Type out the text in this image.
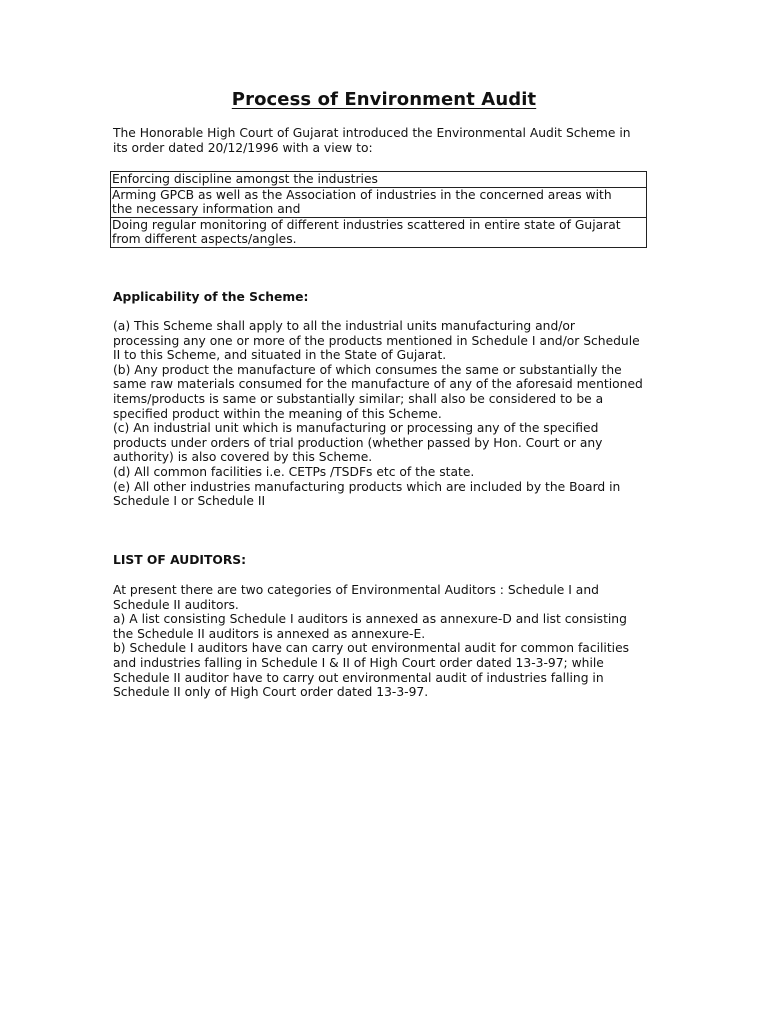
Process of Environment Audit
The Honorable High Court of Gujarat introduced the Environmental Audit Scheme in
its order dated 20/12/1996 with a view to:
Enforcing discipline amongst the industries
Arming GPCB as well as the Association of industries in the concerned areas with
the necessary information and
Doing regular monitoring of different industries scattered in entire state of Gujarat
from different aspects/angles.
Applicability of the Scheme:
(a) This Scheme shall apply to all the industrial units manufacturing and/or
processing any one or more of the products mentioned in Schedule I and/or Schedule
II to this Scheme, and situated in the State of Gujarat.
(b) Any product the manufacture of which consumes the same or substantially the
same raw materials consumed for the manufacture of any of the aforesaid mentioned
items/products is same or substantially similar; shall also be considered to be a
specified product within the meaning of this Scheme.
(c) An industrial unit which is manufacturing or processing any of the specified
products under orders of trial production (whether passed by Hon. Court or any
authority) is also covered by this Scheme.
(d) All common facilities i.e. CETPs /TSDFs etc of the state.
(e) All other industries manufacturing products which are included by the Board in
Schedule I or Schedule II
LIST OF AUDITORS:
At present there are two categories of Environmental Auditors : Schedule I and
Schedule II auditors.
a) A list consisting Schedule I auditors is annexed as annexure-D and list consisting
the Schedule II auditors is annexed as annexure-E.
b) Schedule I auditors have can carry out environmental audit for common facilities
and industries falling in Schedule I & II of High Court order dated 13-3-97; while
Schedule II auditor have to carry out environmental audit of industries falling in
Schedule II only of High Court order dated 13-3-97.
